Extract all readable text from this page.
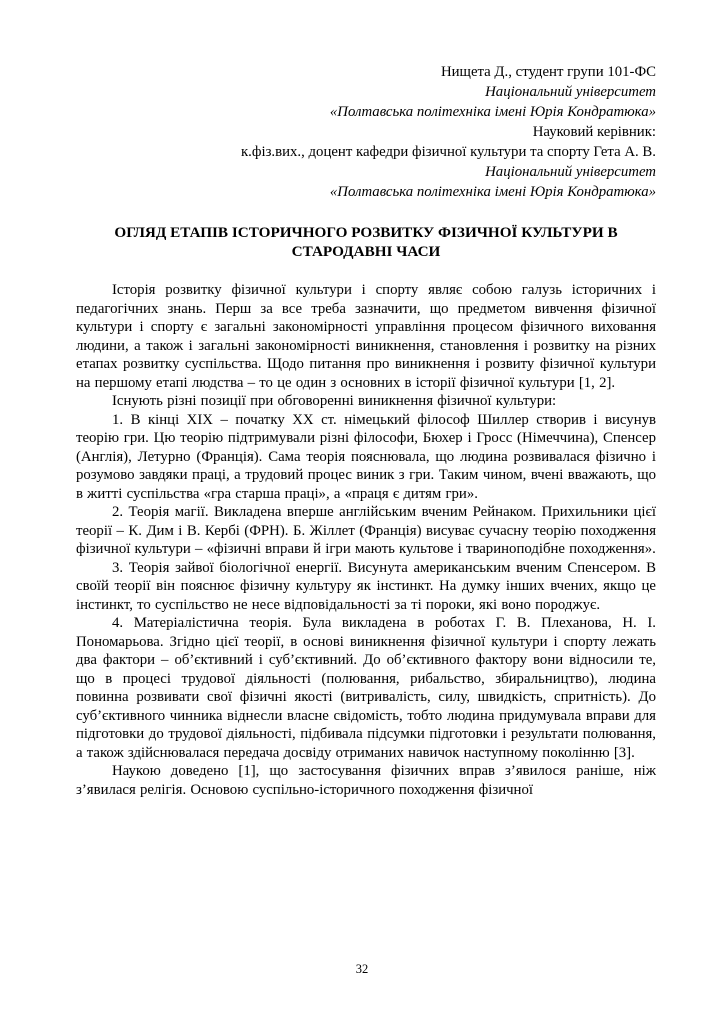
Нищета Д., студент групи 101-ФС
Національний університет
«Полтавська політехніка імені Юрія Кондратюка»
Науковий керівник:
к.фіз.вих., доцент кафедри фізичної культури та спорту Гета А. В.
Національний університет
«Полтавська політехніка імені Юрія Кондратюка»
ОГЛЯД ЕТАПІВ ІСТОРИЧНОГО РОЗВИТКУ ФІЗИЧНОЇ КУЛЬТУРИ В СТАРОДАВНІ ЧАСИ

Історія розвитку фізичної культури і спорту являє собою галузь історичних і педагогічних знань. Перш за все треба зазначити, що предметом вивчення фізичної культури і спорту є загальні закономірності управління процесом фізичного виховання людини, а також і загальні закономірності виникнення, становлення і розвитку на різних етапах розвитку суспільства. Щодо питання про виникнення і розвиту фізичної культури на першому етапі людства – то це один з основних в історії фізичної культури [1, 2].

Існують різні позиції при обговоренні виникнення фізичної культури:

1. В кінці ХІХ – початку ХХ ст. німецький філософ Шиллер створив і висунув теорію гри. Цю теорію підтримували різні філософи, Бюхер і Гросс (Німеччина), Спенсер (Англія), Летурно (Франція). Сама теорія пояснювала, що людина розвивалася фізично і розумово завдяки праці, а трудовий процес виник з гри. Таким чином, вчені вважають, що в житті суспільства «гра старша праці», а «праця є дитям гри».

2. Теорія магії. Викладена вперше англійським вченим Рейнаком. Прихильники цієї теорії – К. Дим і В. Кербі (ФРН). Б. Жіллет (Франція) висуває сучасну теорію походження фізичної культури – «фізичні вправи й ігри мають культове і твариноподібне походження».

3. Теорія зайвої біологічної енергії. Висунута американським вченим Спенсером. В своїй теорії він пояснює фізичну культуру як інстинкт. На думку інших вчених, якщо це інстинкт, то суспільство не несе відповідальності за ті пороки, які воно породжує.

4. Матеріалістична теорія. Була викладена в роботах Г. В. Плеханова, Н. І. Пономарьова. Згідно цієї теорії, в основі виникнення фізичної культури і спорту лежать два фактори – об’єктивний і суб’єктивний. До об’єктивного фактору вони відносили те, що в процесі трудової діяльності (полювання, рибальство, збиральництво), людина повинна розвивати свої фізичні якості (витривалість, силу, швидкість, спритність). До суб’єктивного чинника віднесли власне свідомість, тобто людина придумувала вправи для підготовки до трудової діяльності, підбивала підсумки підготовки і результати полювання, а також здійснювалася передача досвіду отриманих навичок наступному поколінню [3].

Наукою доведено [1], що застосування фізичних вправ з’явилося раніше, ніж з’явилася релігія. Основою суспільно-історичного походження фізичної

32
